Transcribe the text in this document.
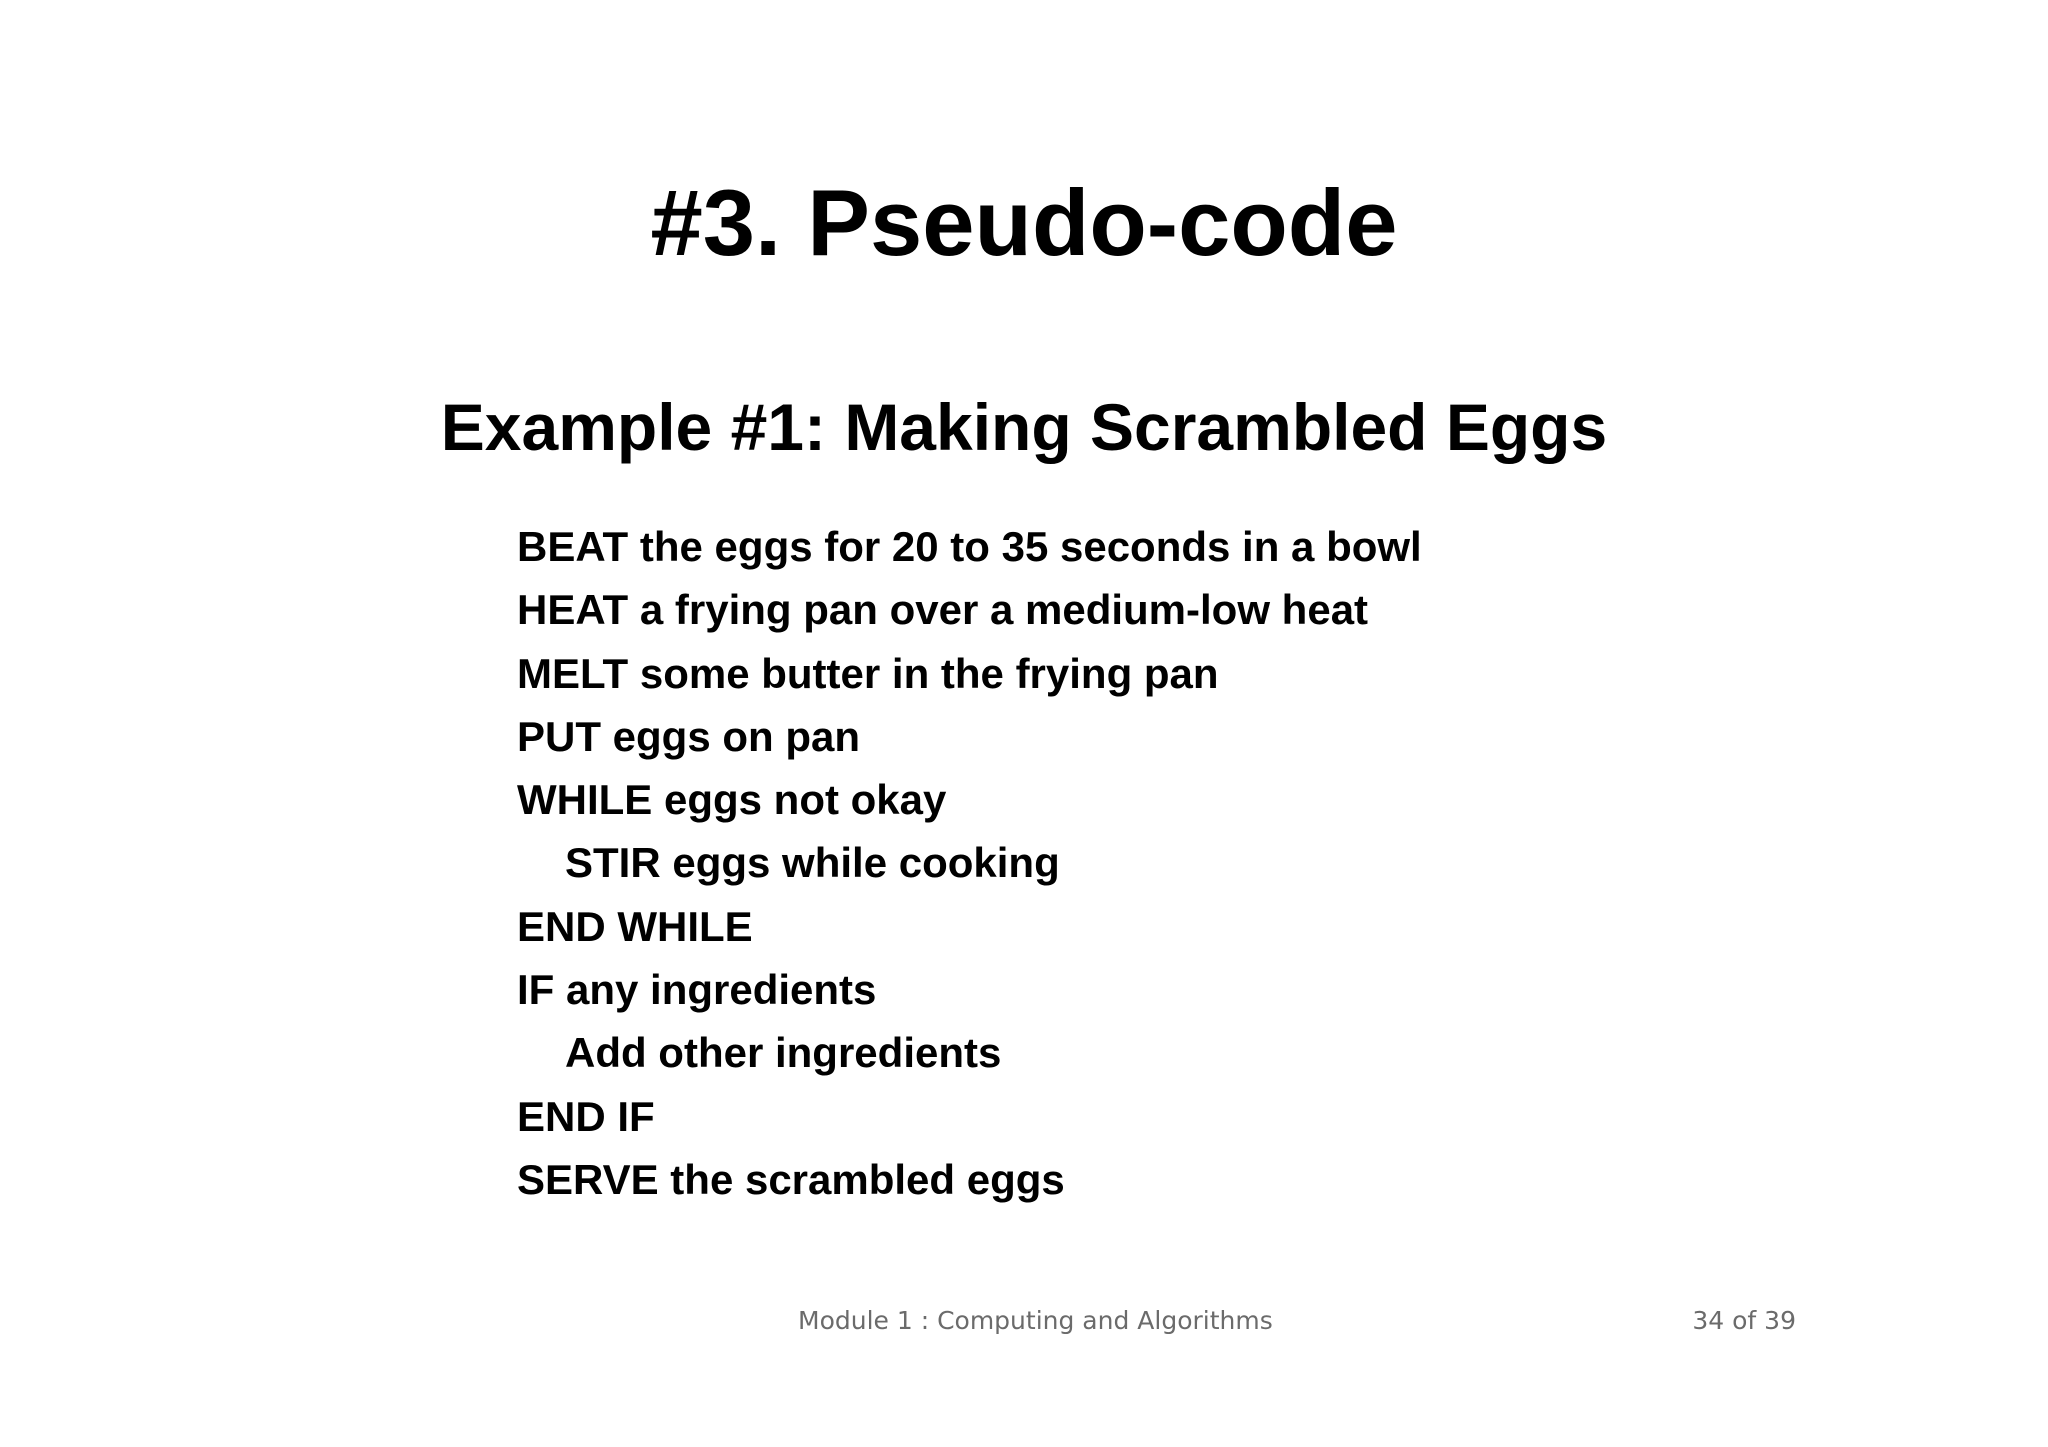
#3. Pseudo-code
Example #1: Making Scrambled Eggs
BEAT the eggs for 20 to 35 seconds in a bowl
HEAT a frying pan over a medium-low heat
MELT some butter in the frying pan
PUT eggs on pan
WHILE eggs not okay
STIR eggs while cooking
END WHILE
IF any ingredients
Add other ingredients
END IF
SERVE the scrambled eggs
Module 1 : Computing and Algorithms	34 of 39
